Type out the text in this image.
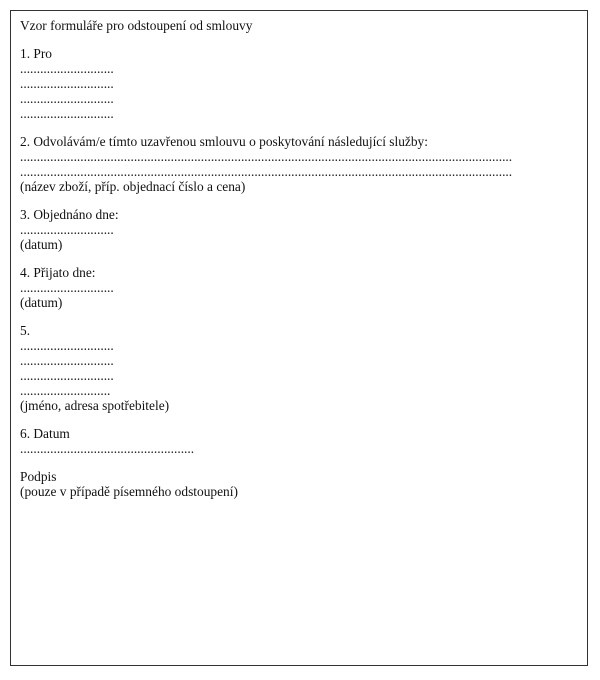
Vzor formuláře pro odstoupení od smlouvy
1. Pro
............................
............................
............................
............................
2. Odvolávám/e tímto uzavřenou smlouvu o poskytování následující služby:
...................................................................................................................................................
...................................................................................................................................................
(název zboží, příp. objednací číslo a cena)
3. Objednáno dne:
............................
(datum)
4. Přijato dne:
............................
(datum)
5.
............................
............................
............................
...........................
(jméno, adresa spotřebitele)
6. Datum
....................................................
Podpis
(pouze v případě písemného odstoupení)
